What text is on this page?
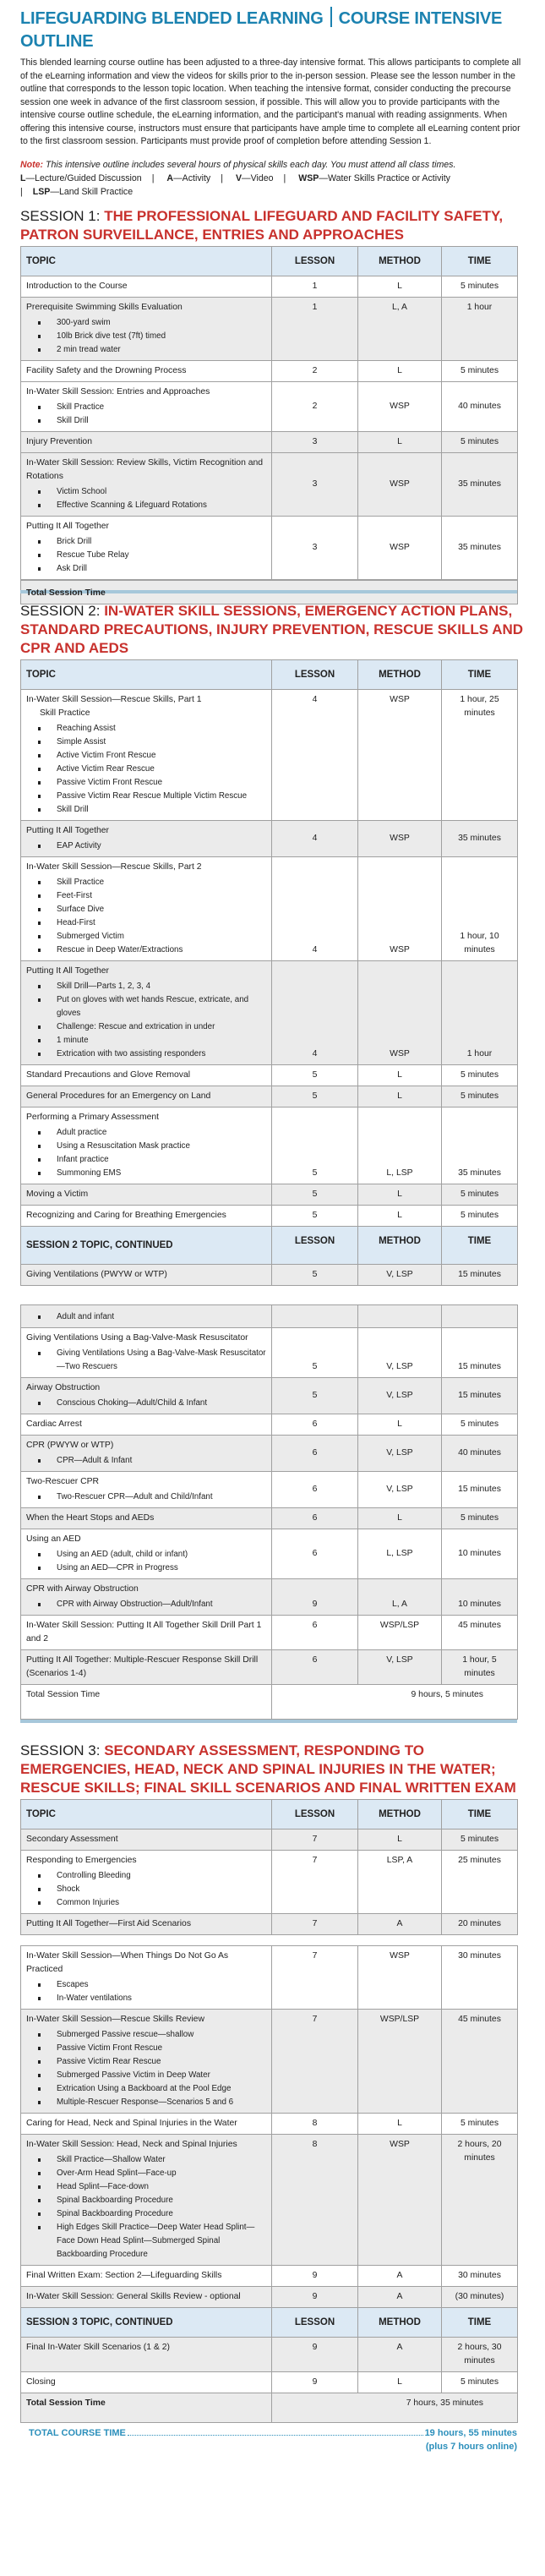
LIFEGUARDING BLENDED LEARNING COURSE INTENSIVE OUTLINE

This blended learning course outline has been adjusted to a three-day intensive format. This allows participants to complete all of the eLearning information and view the videos for skills prior to the in-person session. Please see the lesson number in the outline that corresponds to the lesson topic location. When teaching the intensive format, consider conducting the precourse session one week in advance of the first classroom session, if possible. This will allow you to provide participants with the intensive course outline schedule, the eLearning information, and the participant's manual with reading assignments. When offering this intensive course, instructors must ensure that participants have ample time to complete all eLearning content prior to the first classroom session. Participants must provide proof of completion before attending Session 1.

Note: This intensive outline includes several hours of physical skills each day. You must attend all class times.

L—Lecture/Guided Discussion | A—Activity | V—Video | WSP—Water Skills Practice or Activity
| LSP—Land Skill Practice
SESSION 1: THE PROFESSIONAL LIFEGUARD AND FACILITY SAFETY, PATRON SURVEILLANCE, ENTRIES AND APPROACHES
TOPIC	LESSON	METHOD	TIME

Introduction to the Course	1	L	5 minutes

Prerequisite Swimming Skills Evaluation
300-yard swim
10lb Brick dive test (7ft) timed
2 min tread water
	1	L, A	1 hour

Facility Safety and the Drowning Process	2	L	5 minutes

In-Water Skill Session: Entries and Approaches
Skill Practice
Skill Drill
	2	WSP	40 minutes

Injury Prevention	3	L	5 minutes

In-Water Skill Session: Review Skills, Victim Recognition and Rotations
Victim School
Effective Scanning & Lifeguard Rotations
	3	WSP	35 minutes

Putting It All Together
Brick Drill
Rescue Tube Relay
Ask Drill
	3	WSP	35 minutes
Total Session Time
SESSION 2: IN-WATER SKILL SESSIONS, EMERGENCY ACTION PLANS, STANDARD PRECAUTIONS, INJURY PREVENTION, RESCUE SKILLS AND CPR AND AEDS
TOPIC	LESSON	METHOD	TIME

In-Water Skill Session—Rescue Skills, Part 1
Skill Practice
Reaching Assist
Simple Assist
Active Victim Front Rescue
Active Victim Rear Rescue
Passive Victim Front Rescue
Passive Victim Rear Rescue Multiple Victim Rescue
Skill Drill
	4	WSP	1 hour, 25 minutes

Putting It All Together
EAP Activity
	4	WSP	35 minutes

In-Water Skill Session—Rescue Skills, Part 2
Skill Practice
Feet-First
Surface Dive
Head-First
Submerged Victim
Rescue in Deep Water/Extractions	4	WSP	1 hour, 10 minutes

Putting It All Together
Skill Drill—Parts 1, 2, 3, 4
Put on gloves with wet hands Rescue, extricate, and gloves
Challenge: Rescue and extrication in under
1 minute
Extrication with two assisting responders	4	WSP	1 hour

Standard Precautions and Glove Removal	5	L	5 minutes

General Procedures for an Emergency on Land	5	L	5 minutes

Performing a Primary Assessment
Adult practice
Using a Resuscitation Mask practice
Infant practice
Summoning EMS	5	L, LSP	35 minutes

Moving a Victim	5	L	5 minutes

Recognizing and Caring for Breathing Emergencies	5	L	5 minutes
SESSION 2 TOPIC, CONTINUED	LESSON	METHOD	TIME

Giving Ventilations (PWYW or WTP)	5	V, LSP	15 minutes
Adult and infant

Giving Ventilations Using a Bag-Valve-Mask Resuscitator
Giving Ventilations Using a Bag-Valve-Mask Resuscitator—Two Rescuers	5	V, LSP	15 minutes

Airway Obstruction
Conscious Choking—Adult/Child & Infant
	5	V, LSP	15 minutes

Cardiac Arrest	6	L	5 minutes

CPR (PWYW or WTP)
CPR—Adult & Infant
	6	V, LSP	40 minutes

Two-Rescuer CPR
Two-Rescuer CPR—Adult and Child/Infant
	6	V, LSP	15 minutes

When the Heart Stops and AEDs	6	L	5 minutes

Using an AED
Using an AED (adult, child or infant)
Using an AED—CPR in Progress
	6	L, LSP	10 minutes

CPR with Airway Obstruction
CPR with Airway Obstruction—Adult/Infant	9	L, A	10 minutes

In-Water Skill Session: Putting It All Together Skill Drill Part 1 and 2	6	WSP/LSP	45 minutes

Putting It All Together: Multiple-Rescuer Response Skill Drill (Scenarios 1-4)	6	V, LSP	1 hour, 5 minutes
Total Session Time	9 hours, 5 minutes		
SESSION 3: SECONDARY ASSESSMENT, RESPONDING TO EMERGENCIES, HEAD, NECK AND SPINAL INJURIES IN THE WATER; RESCUE SKILLS; FINAL SKILL SCENARIOS AND FINAL WRITTEN EXAM
TOPIC	LESSON	METHOD	TIME

Secondary Assessment	7	L	5 minutes

Responding to Emergencies
Controlling Bleeding
Shock
Common Injuries
	7	LSP, A	25 minutes

Putting It All Together—First Aid Scenarios	7	A	20 minutes
In-Water Skill Session—When Things Do Not Go As Practiced
Escapes
In-Water ventilations
	7	WSP	30 minutes

In-Water Skill Session—Rescue Skills Review
Submerged Passive rescue—shallow
Passive Victim Front Rescue
Passive Victim Rear Rescue
Submerged Passive Victim in Deep Water
Extrication Using a Backboard at the Pool Edge
Multiple-Rescuer Response—Scenarios 5 and 6
	7	WSP/LSP	45 minutes

Caring for Head, Neck and Spinal Injuries in the Water	8	L	5 minutes

In-Water Skill Session: Head, Neck and Spinal Injuries
Skill Practice—Shallow Water
Over-Arm Head Splint—Face-up
Head Splint—Face-down
Spinal Backboarding Procedure
Spinal Backboarding Procedure
High Edges Skill Practice—Deep Water Head Splint—Face Down Head Splint—Submerged Spinal Backboarding Procedure
	8	WSP	2 hours, 20 minutes

Final Written Exam: Section 2—Lifeguarding Skills	9	A	30 minutes

In-Water Skill Session: General Skills Review - optional	9	A	(30 minutes)
SESSION 3 TOPIC, CONTINUED	LESSON	METHOD	TIME

Final In-Water Skill Scenarios (1 & 2)	9	A	2 hours, 30 minutes

Closing	9	L	5 minutes
Total Session Time	7 hours, 35 minutes		
TOTAL COURSE TIME	19 hours, 55 minutes
(plus 7 hours online)
